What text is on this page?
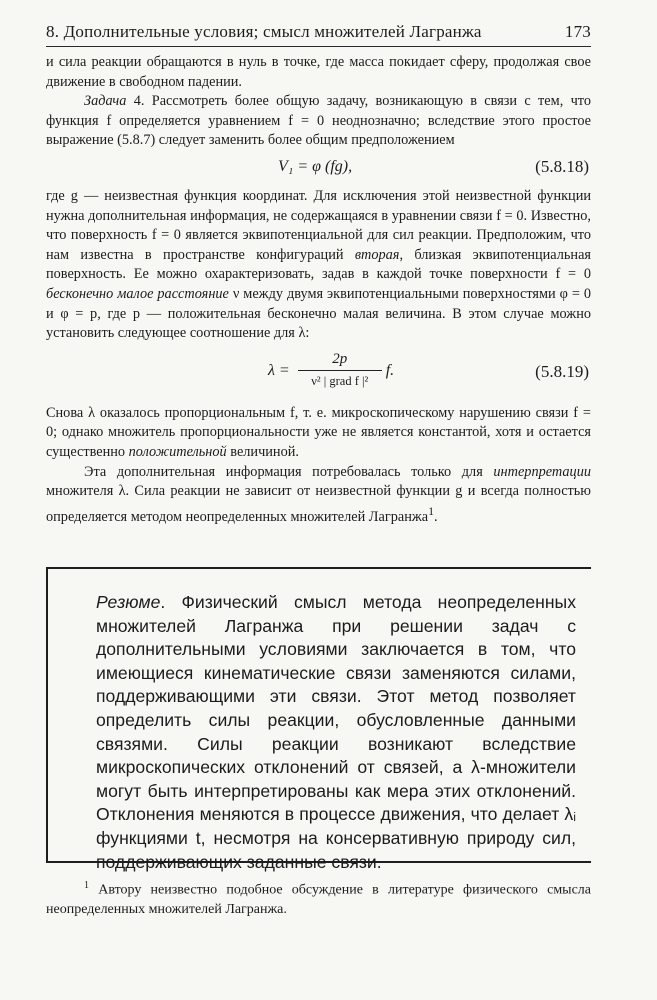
8. Дополнительные условия; смысл множителей Лагранжа	173

и сила реакции обращаются в нуль в точке, где масса покидает сферу, продолжая свое движение в свободном падении.

Задача 4. Рассмотреть более общую задачу, возникающую в связи с тем, что функция f определяется уравнением f = 0 неоднозначно; вследствие этого простое выражение (5.8.7) следует заменить более общим предположением

V₁ = φ (fg),	(5.8.18)

где g — неизвестная функция координат. Для исключения этой неизвестной функции нужна дополнительная информация, не содержащаяся в уравнении связи f = 0. Известно, что поверхность f = 0 является эквипотенциальной для сил реакции. Предположим, что нам известна в пространстве конфигураций вторая, близкая эквипотенциальная поверхность. Ее можно охарактеризовать, задав в каждой точке поверхности f = 0 бесконечно малое расстояние ν между двумя эквипотенциальными поверхностями φ = 0 и φ = p, где p — положительная бесконечно малая величина. В этом случае можно установить следующее соотношение для λ:

λ =
2p
ν² | grad f |²
f.	(5.8.19)

Снова λ оказалось пропорциональным f, т. е. микроскопическому нарушению связи f = 0; однако множитель пропорциональности уже не является константой, хотя и остается существенно положительной величиной.

Эта дополнительная информация потребовалась только для интерпретации множителя λ. Сила реакции не зависит от неизвестной функции g и всегда полностью определяется методом неопределенных множителей Лагранжа$^1$.

Резюме. Физический смысл метода неопределенных множителей Лагранжа при решении задач с дополнительными условиями заключается в том, что имеющиеся кинематические связи заменяются силами, поддерживающими эти связи. Этот метод позволяет определить силы реакции, обусловленные данными связями. Силы реакции возникают вследствие микроскопических отклонений от связей, а λ-множители могут быть интерпретированы как мера этих отклонений. Отклонения меняются в процессе движения, что делает λᵢ функциями t, несмотря на консервативную природу сил, поддерживающих заданные связи.

$^1$ Автору неизвестно подобное обсуждение в литературе физического смысла неопределенных множителей Лагранжа.
